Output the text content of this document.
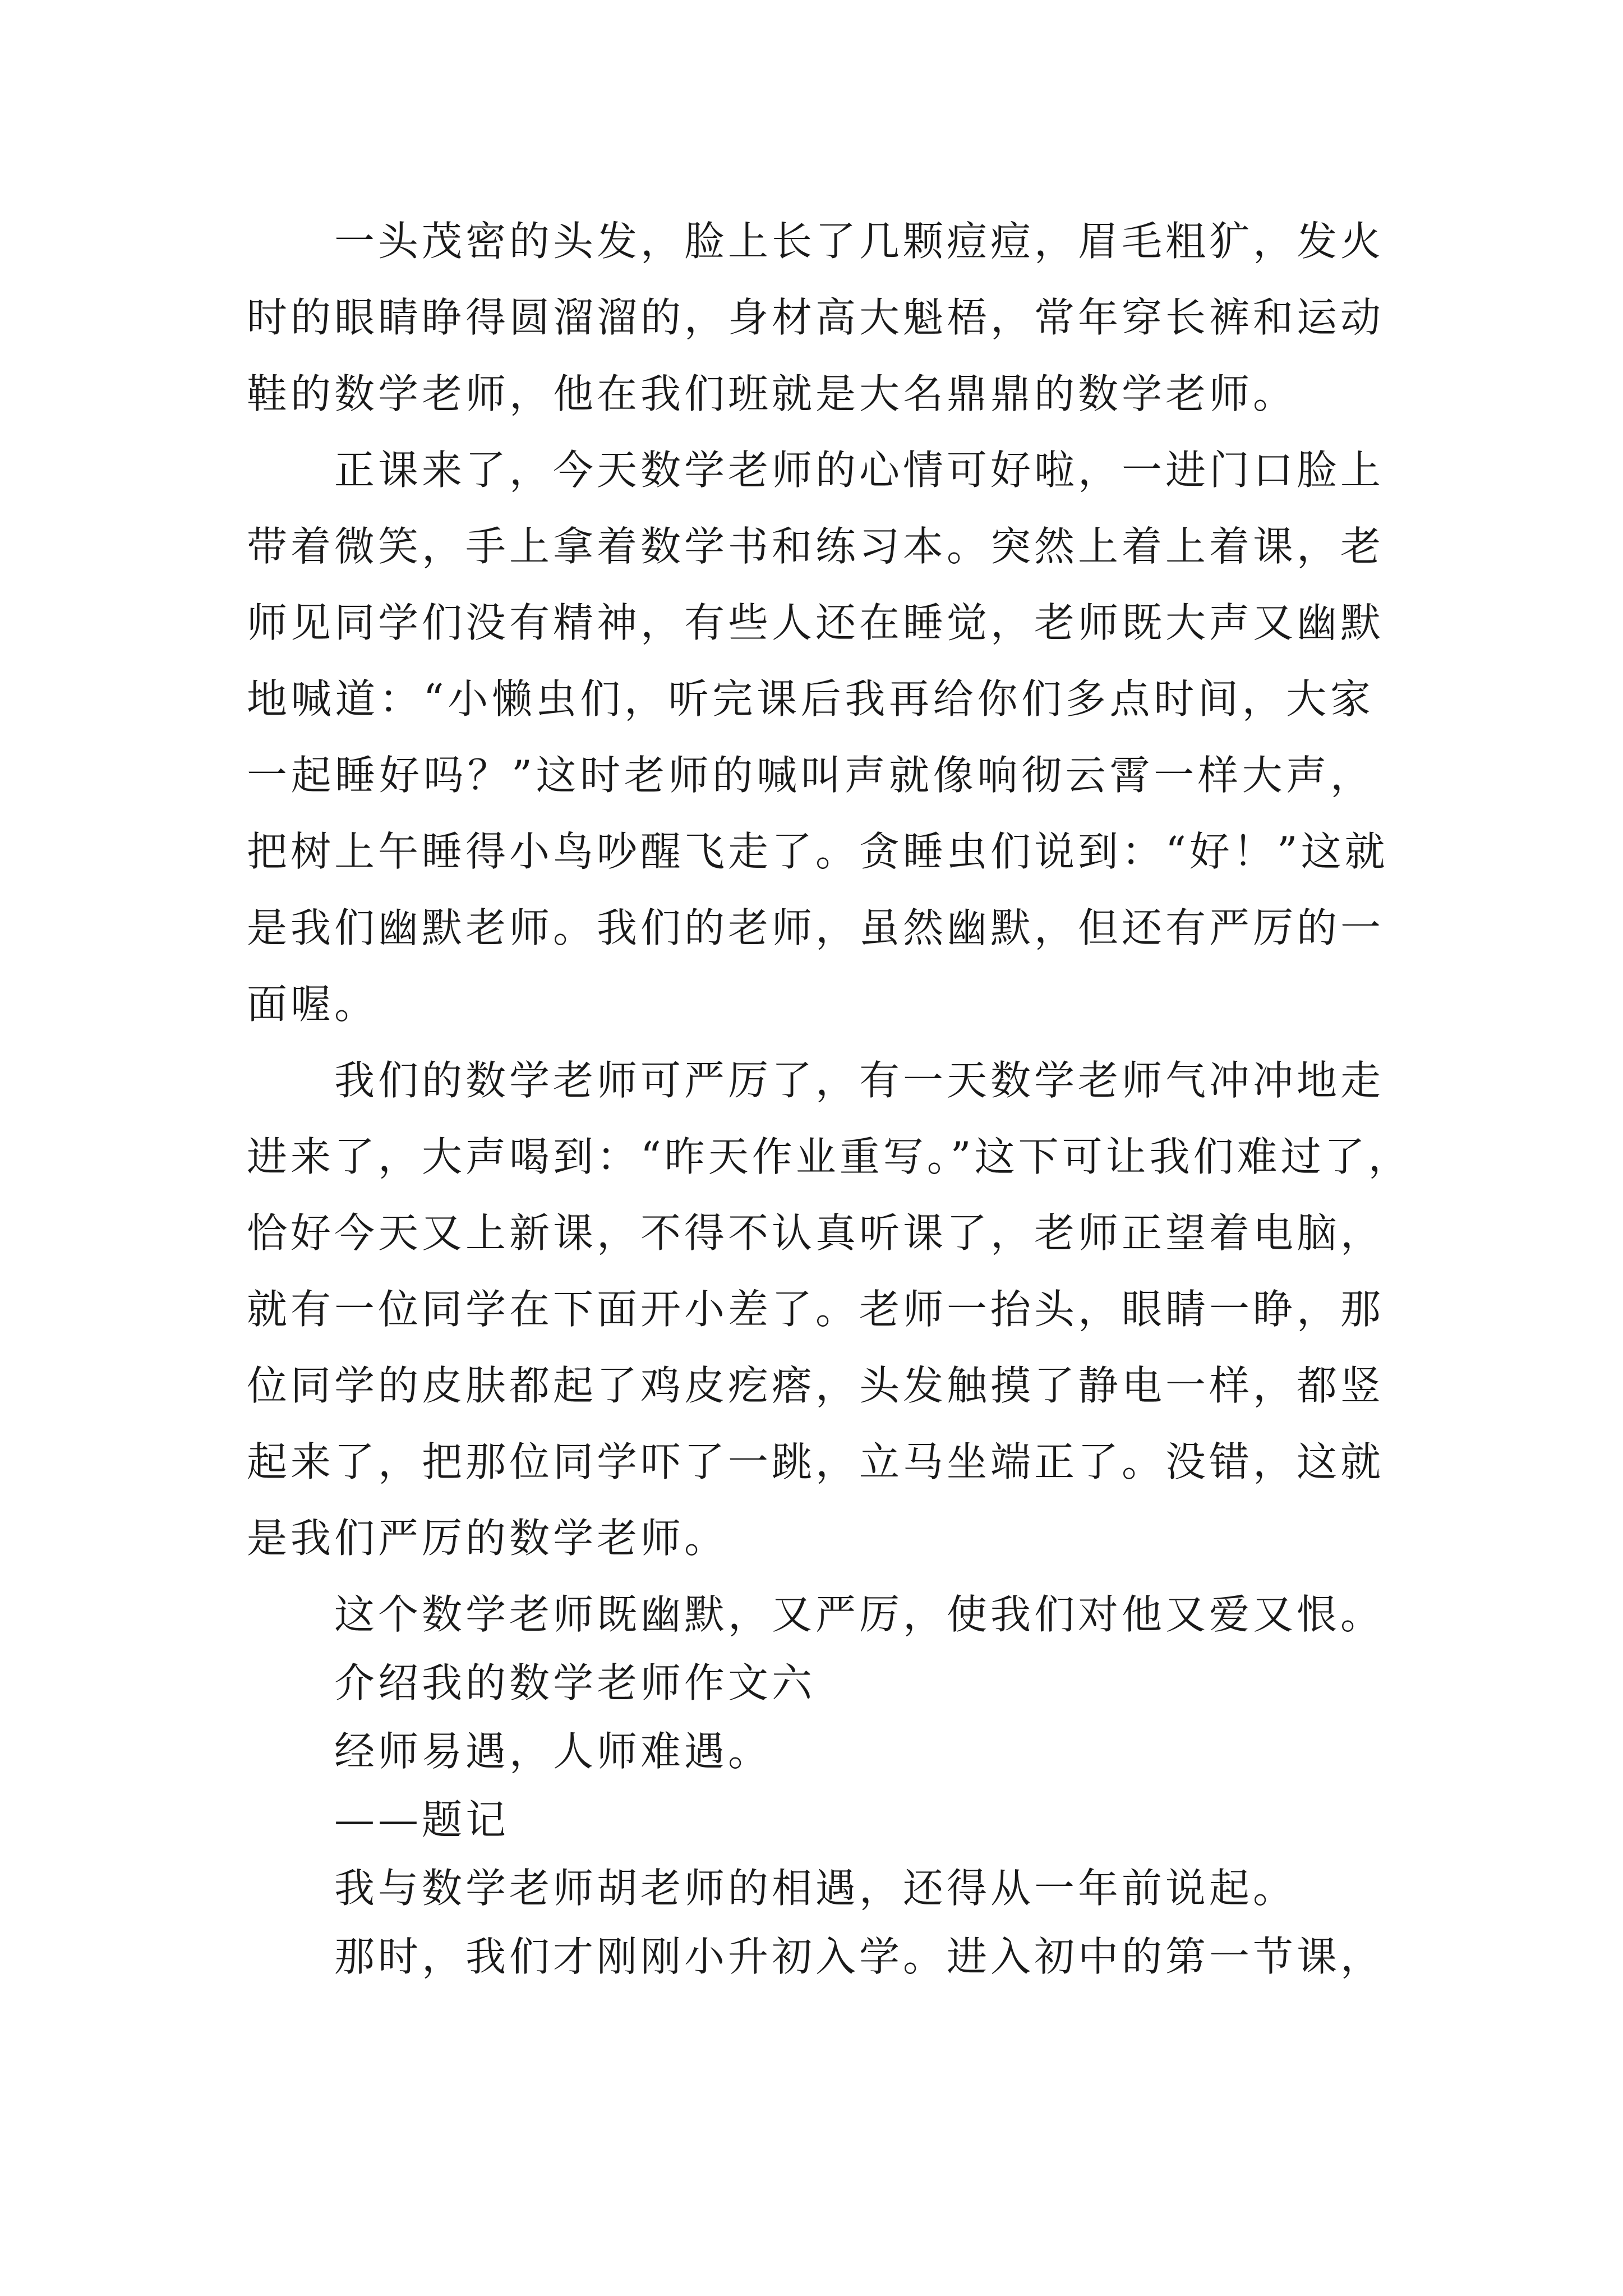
一头茂密的头发，脸上长了几颗痘痘，眉毛粗犷，发火
时的眼睛睁得圆溜溜的，身材高大魁梧，常年穿长裤和运动
鞋的数学老师，他在我们班就是大名鼎鼎的数学老师。
正课来了，今天数学老师的心情可好啦，一进门口脸上
带着微笑，手上拿着数学书和练习本。突然上着上着课，老
师见同学们没有精神，有些人还在睡觉，老师既大声又幽默
地喊道：“小懒虫们，听完课后我再给你们多点时间，大家
一起睡好吗？”这时老师的喊叫声就像响彻云霄一样大声，
把树上午睡得小鸟吵醒飞走了。贪睡虫们说到：“好！”这就
是我们幽默老师。我们的老师，虽然幽默，但还有严厉的一
面喔。
我们的数学老师可严厉了，有一天数学老师气冲冲地走
进来了，大声喝到：“昨天作业重写。”这下可让我们难过了，
恰好今天又上新课，不得不认真听课了，老师正望着电脑，
就有一位同学在下面开小差了。老师一抬头，眼睛一睁，那
位同学的皮肤都起了鸡皮疙瘩，头发触摸了静电一样，都竖
起来了，把那位同学吓了一跳，立马坐端正了。没错，这就
是我们严厉的数学老师。
这个数学老师既幽默，又严厉，使我们对他又爱又恨。
介绍我的数学老师作文六
经师易遇，人师难遇。
——题记
我与数学老师胡老师的相遇，还得从一年前说起。
那时，我们才刚刚小升初入学。进入初中的第一节课，
